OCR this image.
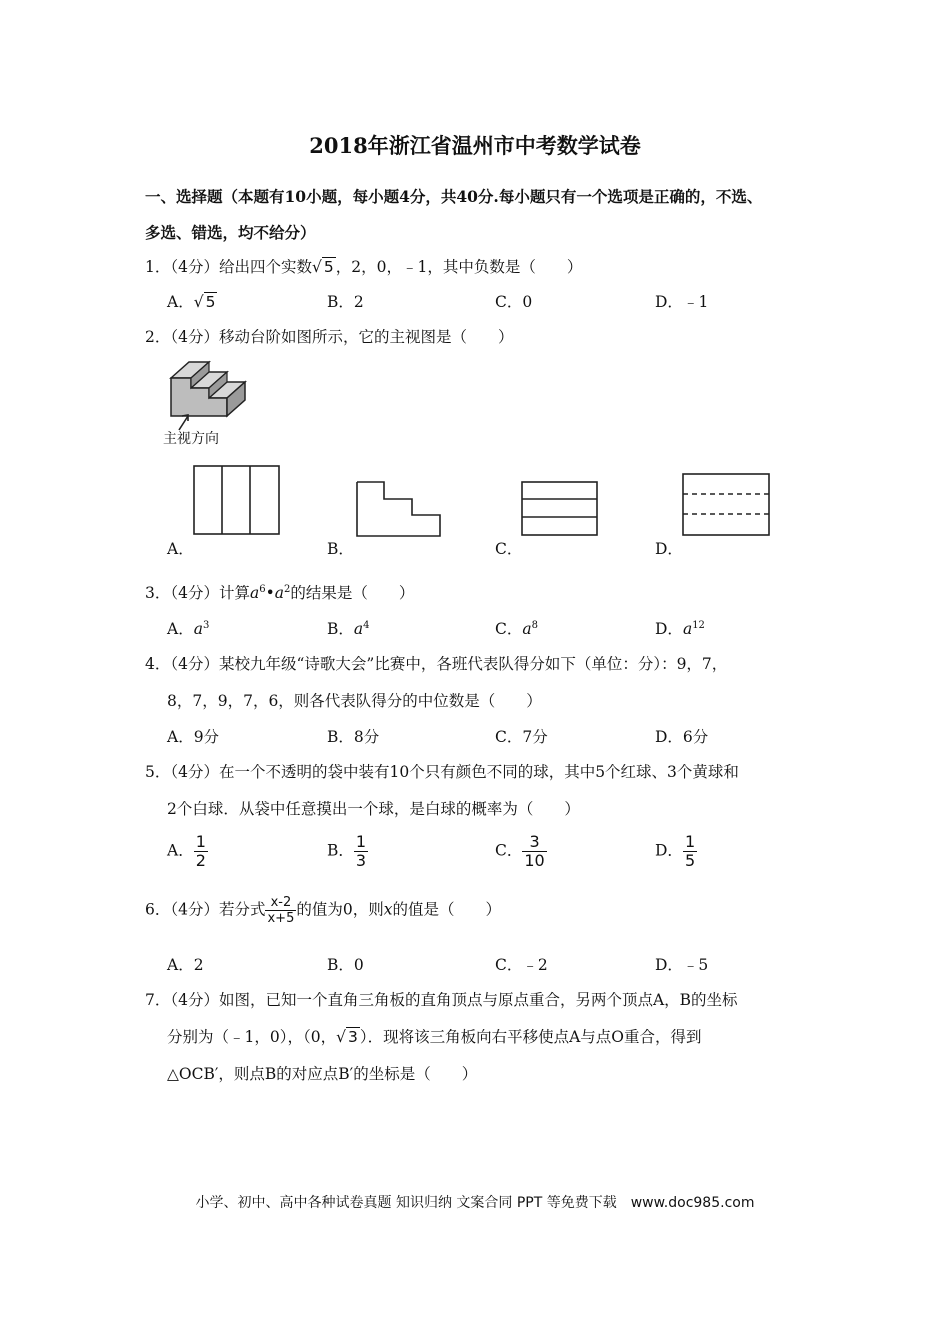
2018年浙江省温州市中考数学试卷
一、选择题（本题有10小题，每小题4分，共40分.每小题只有一个选项是正确的，不选、
多选、错选，均不给分）
1．（4分）给出四个实数√ 5 ，2，0，﹣1，其中负数是（　　）
A．√ 5	B．2	C．0	D．﹣1
2．（4分）移动台阶如图所示，它的主视图是（　　）
主视方向
A．	B．	C．	D．
3．（4分）计算$a^6•a^2$的结果是（　　）
A．$a^3$	B．$a^4$	C．$a^8$	D．$a^{12}$
4．（4分）某校九年级“诗歌大会”比赛中，各班代表队得分如下（单位：分）：9，7，
8，7，9，7，6，则各代表队得分的中位数是（　　）
A．9分	B．8分	C．7分	D．6分
5．（4分）在一个不透明的袋中装有10个只有颜色不同的球，其中5个红球、3个黄球和
2个白球．从袋中任意摸出一个球，是白球的概率为（　　）
A． $\frac{1}{2}$	B． $\frac{1}{3}$	C． $\frac{3}{10}$	D． $\frac{1}{5}$
6．（4分）若分式 $\frac{x-2}{x+5}$ 的值为0，则x的值是（　　）
A．2	B．0	C．﹣2	D．﹣5
7．（4分）如图，已知一个直角三角板的直角顶点与原点重合，另两个顶点A，B的坐标
分别为（﹣1，0），（0，√ 3 ）．现将该三角板向右平移使点A与点O重合，得到
△OCB′，则点B的对应点B′的坐标是（　　）
小学、初中、高中各种试卷真题 知识归纳 文案合同 PPT 等免费下载　www.doc985.com
